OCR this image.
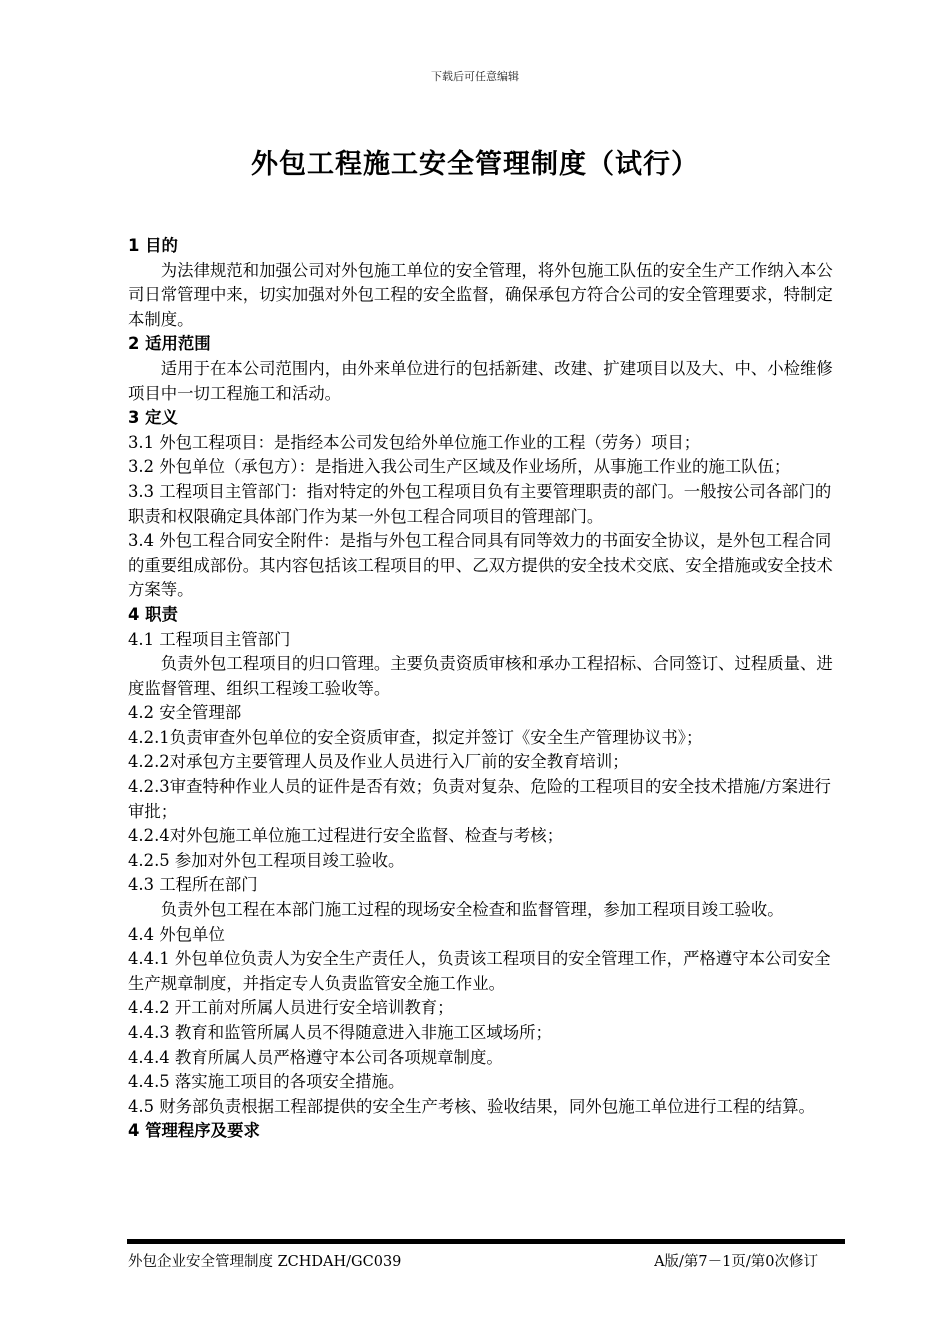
下载后可任意编辑
外包工程施工安全管理制度（试行）

1 目的

为法律规范和加强公司对外包施工单位的安全管理，将外包施工队伍的安全生产工作纳入本公司日常管理中来，切实加强对外包工程的安全监督，确保承包方符合公司的安全管理要求，特制定本制度。

2 适用范围

适用于在本公司范围内，由外来单位进行的包括新建、改建、扩建项目以及大、中、小检维修项目中一切工程施工和活动。

3 定义

3.1 外包工程项目：是指经本公司发包给外单位施工作业的工程（劳务）项目；

3.2 外包单位（承包方）：是指进入我公司生产区域及作业场所，从事施工作业的施工队伍；

3.3 工程项目主管部门：指对特定的外包工程项目负有主要管理职责的部门。一般按公司各部门的职责和权限确定具体部门作为某一外包工程合同项目的管理部门。

3.4 外包工程合同安全附件：是指与外包工程合同具有同等效力的书面安全协议，是外包工程合同的重要组成部份。其内容包括该工程项目的甲、乙双方提供的安全技术交底、安全措施或安全技术方案等。

4 职责

4.1 工程项目主管部门

负责外包工程项目的归口管理。主要负责资质审核和承办工程招标、合同签订、过程质量、进度监督管理、组织工程竣工验收等。

4.2 安全管理部

4.2.1负责审查外包单位的安全资质审查，拟定并签订《安全生产管理协议书》；

4.2.2对承包方主要管理人员及作业人员进行入厂前的安全教育培训；

4.2.3审查特种作业人员的证件是否有效；负责对复杂、危险的工程项目的安全技术措施/方案进行审批；

4.2.4对外包施工单位施工过程进行安全监督、检查与考核；

4.2.5 参加对外包工程项目竣工验收。

4.3 工程所在部门

负责外包工程在本部门施工过程的现场安全检查和监督管理，参加工程项目竣工验收。

4.4 外包单位

4.4.1 外包单位负责人为安全生产责任人，负责该工程项目的安全管理工作，严格遵守本公司安全生产规章制度，并指定专人负责监管安全施工作业。

4.4.2 开工前对所属人员进行安全培训教育；

4.4.3 教育和监管所属人员不得随意进入非施工区域场所；

4.4.4 教育所属人员严格遵守本公司各项规章制度。

4.4.5 落实施工项目的各项安全措施。

4.5 财务部负责根据工程部提供的安全生产考核、验收结果，同外包施工单位进行工程的结算。

4 管理程序及要求

外包企业安全管理制度 ZCHDAH/GC039	A版/第7－1页/第0次修订
